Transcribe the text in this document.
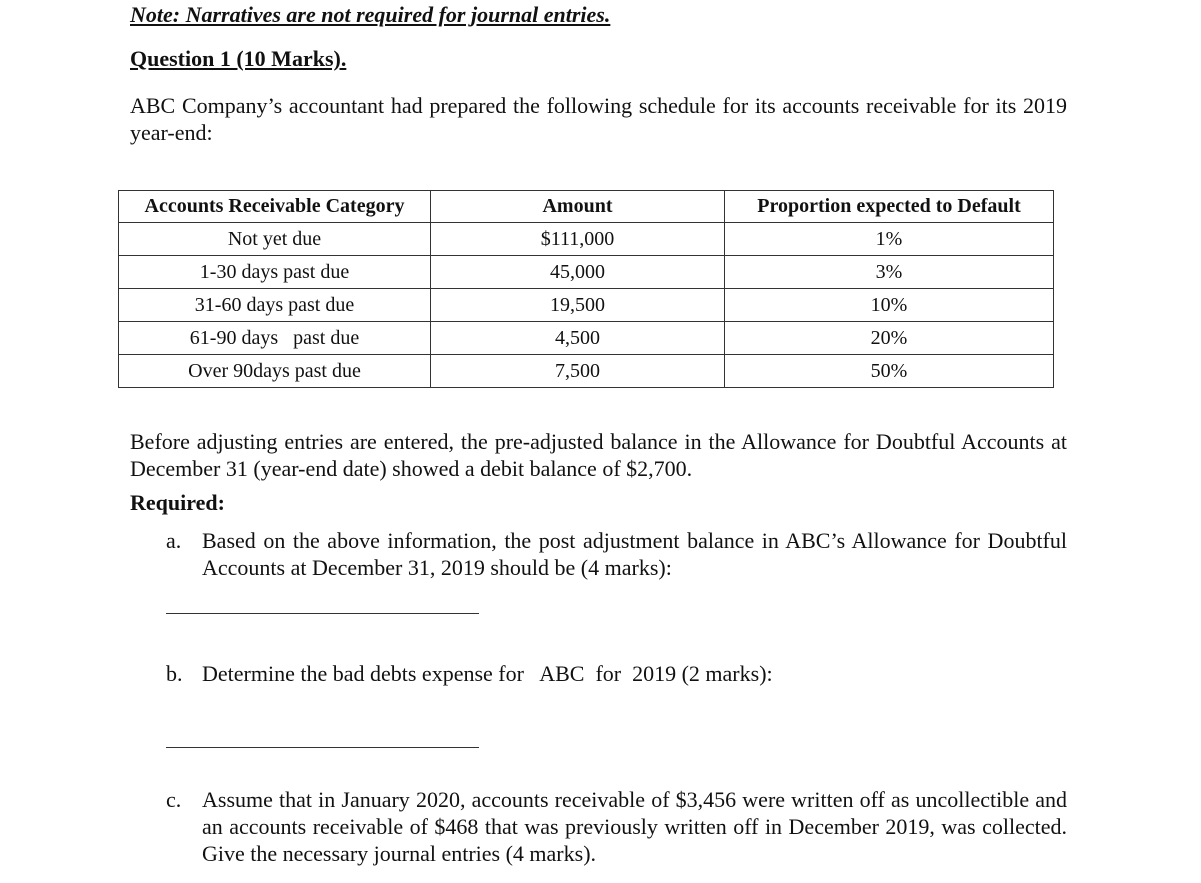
Note: Narratives are not required for journal entries.
Question 1 (10 Marks).
ABC Company’s accountant had prepared the following schedule for its accounts receivable for its 2019 year-end:
Accounts Receivable Category	Amount	Proportion expected to Default
Not yet due	$111,000	1%
1-30 days past due	45,000	3%
31-60 days past due	19,500	10%
61-90 days   past due	4,500	20%
Over 90days past due	7,500	50%
Before adjusting entries are entered, the pre-adjusted balance in the Allowance for Doubtful Accounts at December 31 (year-end date) showed a debit balance of $2,700.
Required:
a. Based on the above information, the post adjustment balance in ABC’s Allowance for Doubtful Accounts at December 31, 2019 should be (4 marks):
b. Determine the bad debts expense for   ABC  for  2019 (2 marks):
c. Assume that in January 2020, accounts receivable of $3,456 were written off as uncollectible and an accounts receivable of $468 that was previously written off in December 2019, was collected. Give the necessary journal entries (4 marks).
